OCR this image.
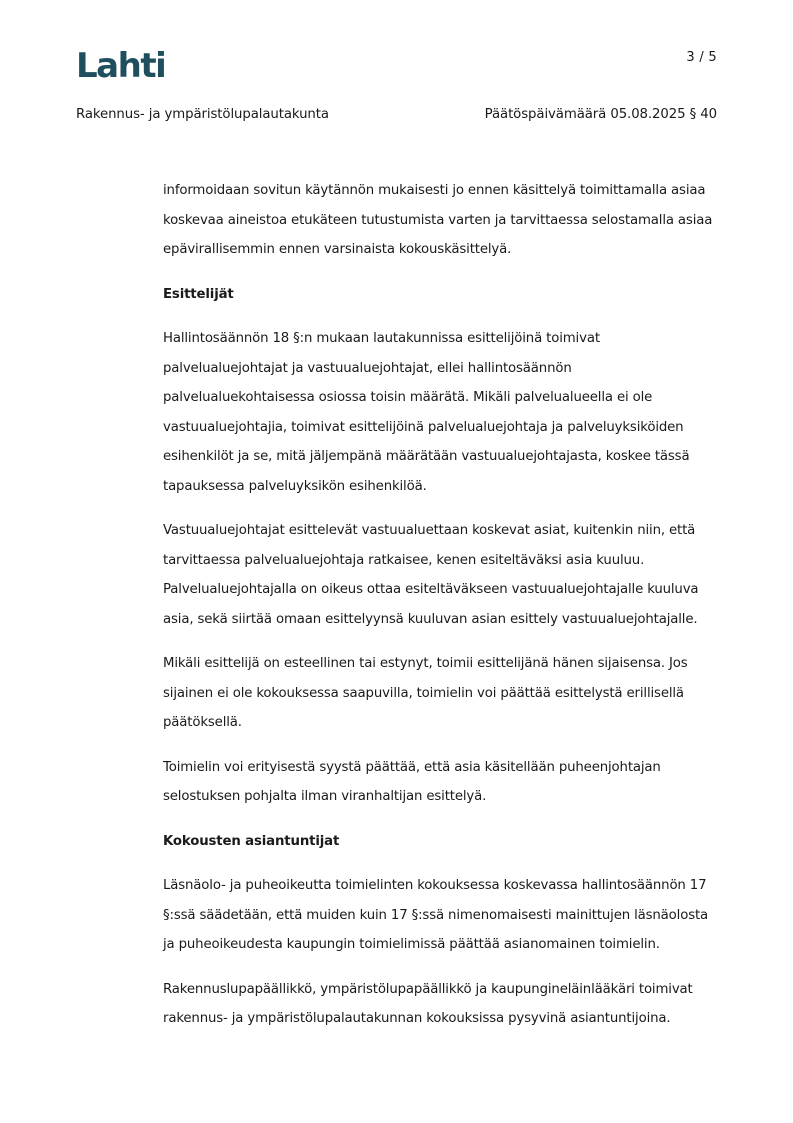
Lahti	3 / 5
Rakennus- ja ympäristölupalautakunta	Päätöspäivämäärä 05.08.2025 § 40

informoidaan sovitun käytännön mukaisesti jo ennen käsittelyä toimittamalla asiaa
koskevaa aineistoa etukäteen tutustumista varten ja tarvittaessa selostamalla asiaa
epävirallisemmin ennen varsinaista kokouskäsittelyä.

Esittelijät

Hallintosäännön 18 §:n mukaan lautakunnissa esittelijöinä toimivat
palvelualuejohtajat ja vastuualuejohtajat, ellei hallintosäännön
palvelualuekohtaisessa osiossa toisin määrätä. Mikäli palvelualueella ei ole
vastuualuejohtajia, toimivat esittelijöinä palvelualuejohtaja ja palveluyksiköiden
esihenkilöt ja se, mitä jäljempänä määrätään vastuualuejohtajasta, koskee tässä
tapauksessa palveluyksikön esihenkilöä.

Vastuualuejohtajat esittelevät vastuualuettaan koskevat asiat, kuitenkin niin, että
tarvittaessa palvelualuejohtaja ratkaisee, kenen esiteltäväksi asia kuuluu.
Palvelualuejohtajalla on oikeus ottaa esiteltäväkseen vastuualuejohtajalle kuuluva
asia, sekä siirtää omaan esittelyynsä kuuluvan asian esittely vastuualuejohtajalle.

Mikäli esittelijä on esteellinen tai estynyt, toimii esittelijänä hänen sijaisensa. Jos
sijainen ei ole kokouksessa saapuvilla, toimielin voi päättää esittelystä erillisellä
päätöksellä.

Toimielin voi erityisestä syystä päättää, että asia käsitellään puheenjohtajan
selostuksen pohjalta ilman viranhaltijan esittelyä.

Kokousten asiantuntijat

Läsnäolo- ja puheoikeutta toimielinten kokouksessa koskevassa hallintosäännön 17
§:ssä säädetään, että muiden kuin 17 §:ssä nimenomaisesti mainittujen läsnäolosta
ja puheoikeudesta kaupungin toimielimissä päättää asianomainen toimielin.

Rakennuslupapäällikkö, ympäristölupapäällikkö ja kaupungineläinlääkäri toimivat
rakennus- ja ympäristölupalautakunnan kokouksissa pysyvinä asiantuntijoina.
